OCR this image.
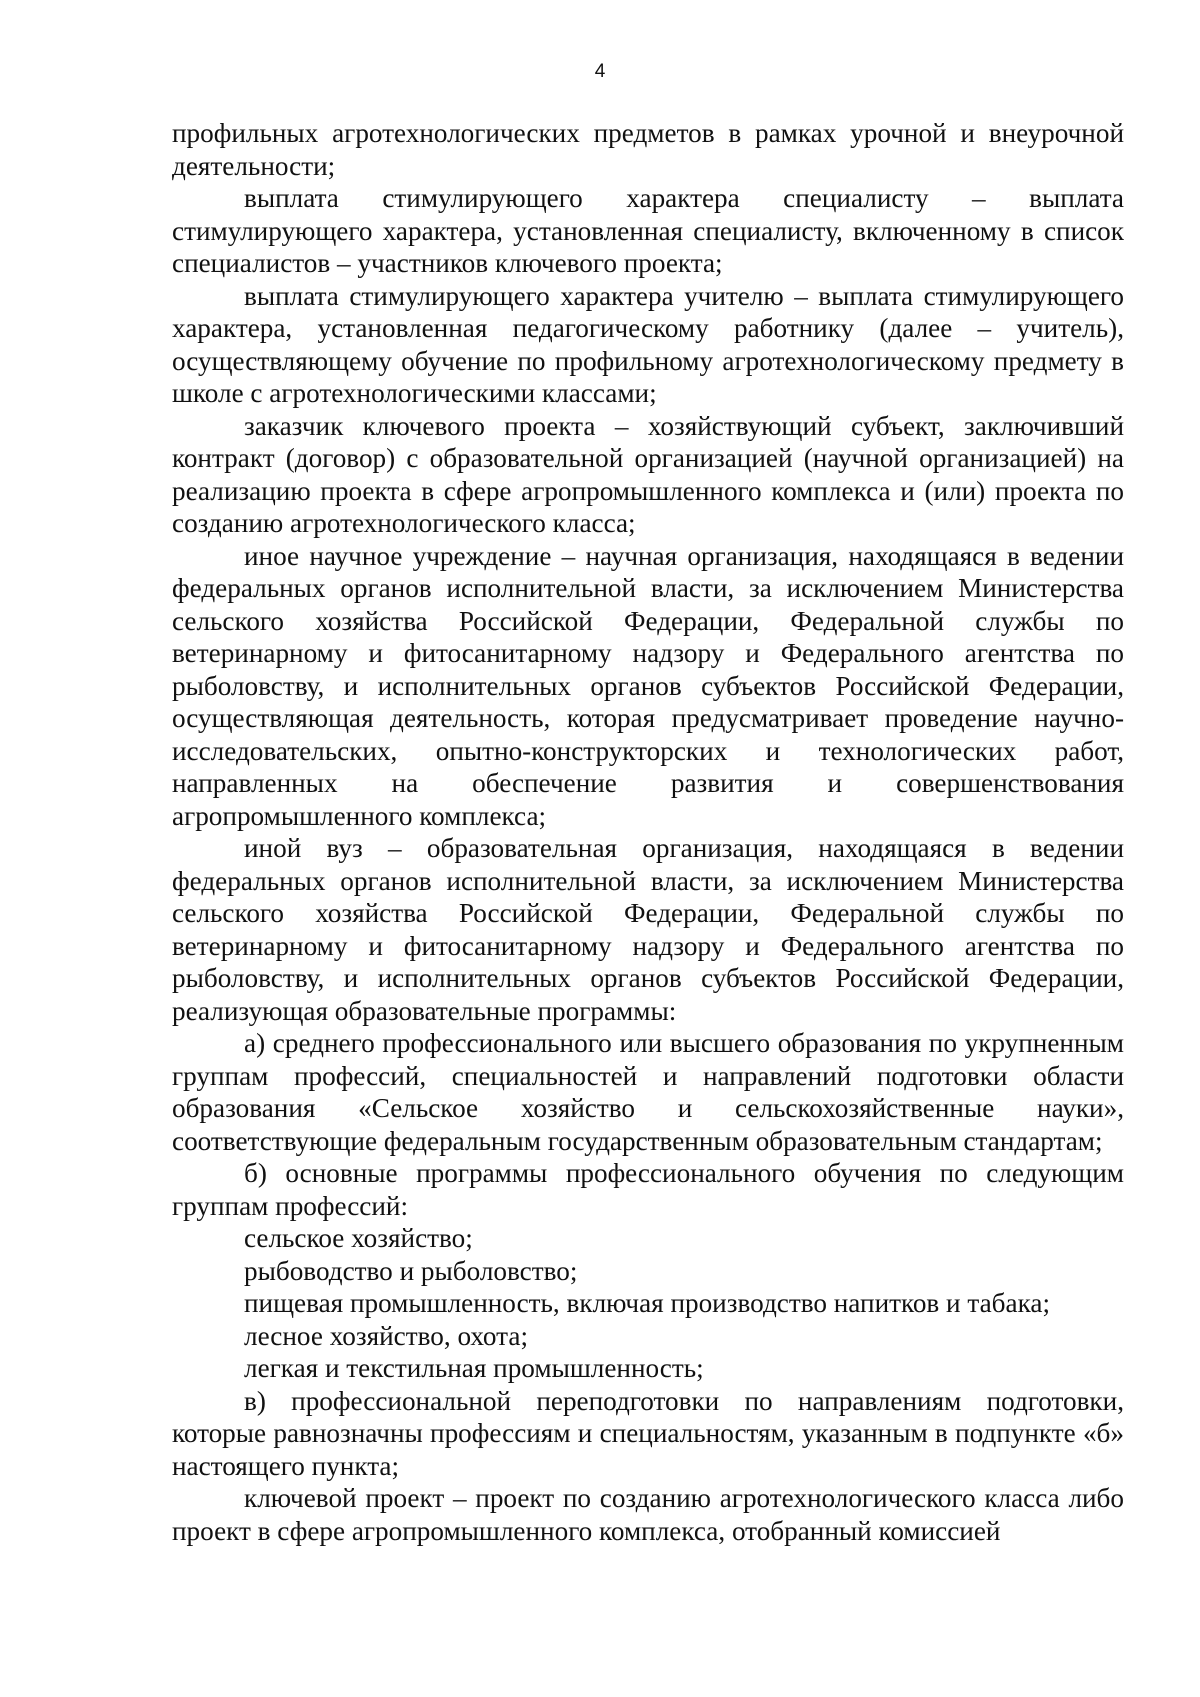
4

профильных агротехнологических предметов в рамках урочной и внеурочной деятельности;

выплата стимулирующего характера специалисту – выплата стимулирующего характера, установленная специалисту, включенному в список специалистов – участников ключевого проекта;

выплата стимулирующего характера учителю – выплата стимулирующего характера, установленная педагогическому работнику (далее – учитель), осуществляющему обучение по профильному агротехнологическому предмету в школе с агротехнологическими классами;

заказчик ключевого проекта – хозяйствующий субъект, заключивший контракт (договор) с образовательной организацией (научной организацией) на реализацию проекта в сфере агропромышленного комплекса и (или) проекта по созданию агротехнологического класса;

иное научное учреждение – научная организация, находящаяся в ведении федеральных органов исполнительной власти, за исключением Министерства сельского хозяйства Российской Федерации, Федеральной службы по ветеринарному и фитосанитарному надзору и Федерального агентства по рыболовству, и исполнительных органов субъектов Российской Федерации, осуществляющая деятельность, которая предусматривает проведение научно-исследовательских, опытно-конструкторских и технологических работ, направленных на обеспечение развития и совершенствования агропромышленного комплекса;

иной вуз – образовательная организация, находящаяся в ведении федеральных органов исполнительной власти, за исключением Министерства сельского хозяйства Российской Федерации, Федеральной службы по ветеринарному и фитосанитарному надзору и Федерального агентства по рыболовству, и исполнительных органов субъектов Российской Федерации, реализующая образовательные программы:

а) среднего профессионального или высшего образования по укрупненным группам профессий, специальностей и направлений подготовки области образования «Сельское хозяйство и сельскохозяйственные науки», соответствующие федеральным государственным образовательным стандартам;

б) основные программы профессионального обучения по следующим группам профессий:

сельское хозяйство;

рыбоводство и рыболовство;

пищевая промышленность, включая производство напитков и табака;

лесное хозяйство, охота;

легкая и текстильная промышленность;

в) профессиональной переподготовки по направлениям подготовки, которые равнозначны профессиям и специальностям, указанным в подпункте «б» настоящего пункта;

ключевой проект – проект по созданию агротехнологического класса либо проект в сфере агропромышленного комплекса, отобранный комиссией
